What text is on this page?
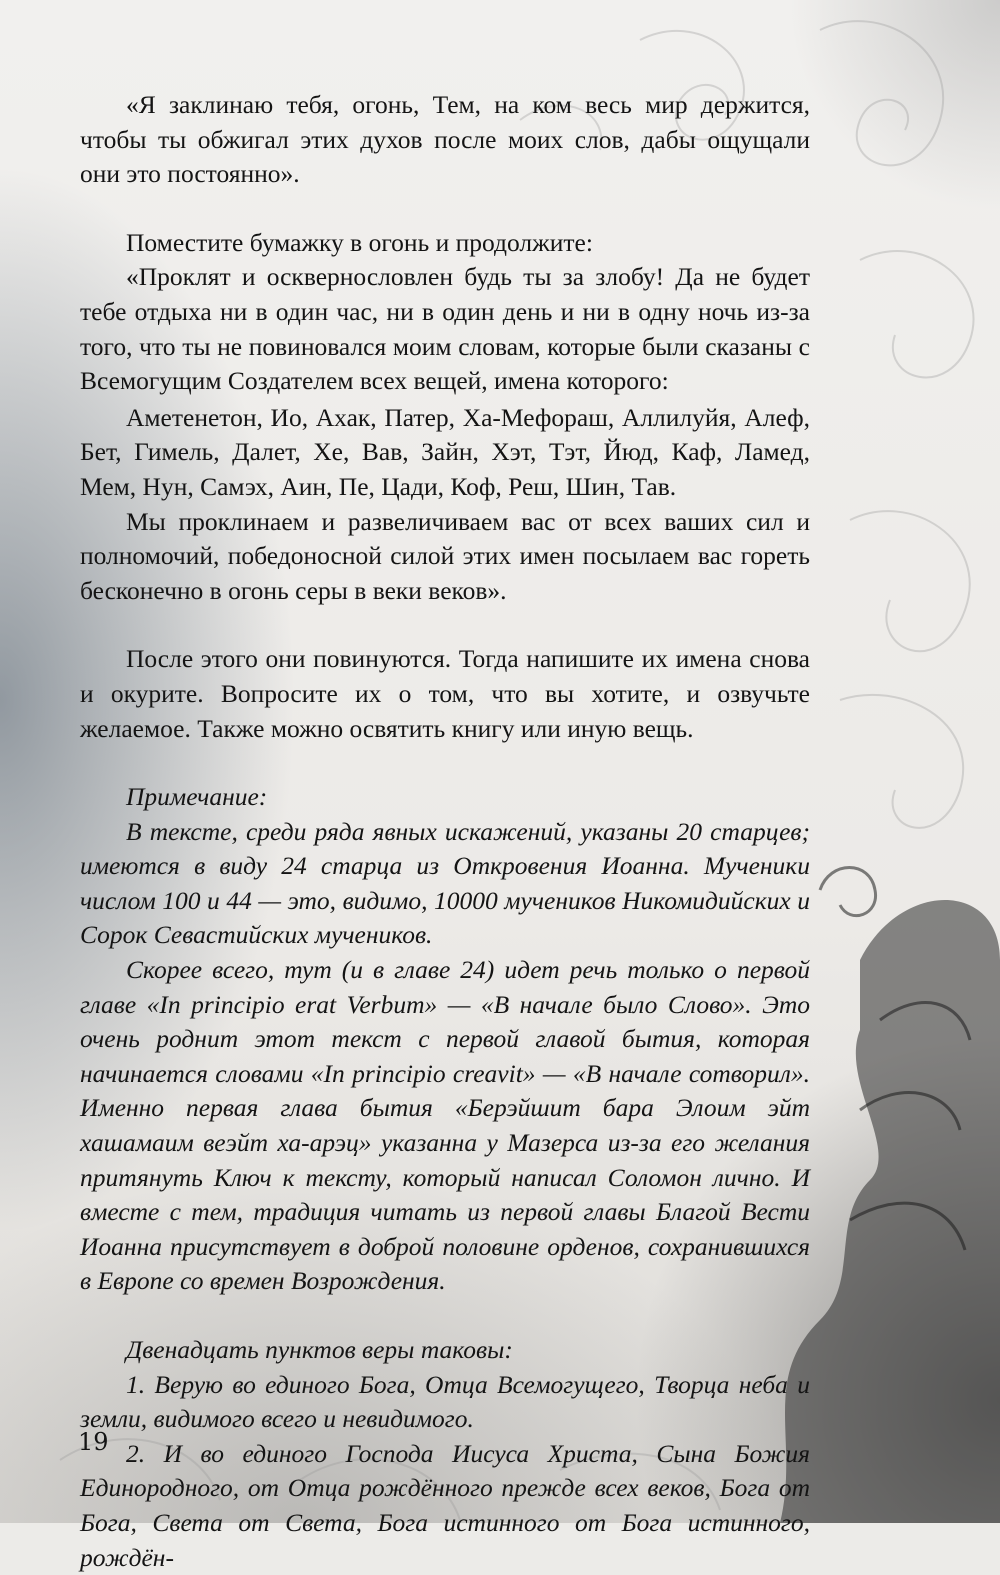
«Я заклинаю тебя, огонь, Тем, на ком весь мир держится, чтобы ты обжигал этих духов после моих слов, дабы ощущали они это постоянно».

Поместите бумажку в огонь и продолжите:

«Проклят и осквернословлен будь ты за злобу! Да не будет тебе отдыха ни в один час, ни в один день и ни в одну ночь из-за того, что ты не повиновался моим словам, которые были сказаны с Всемогущим Создателем всех вещей, имена которого:

Аметенетон, Ио, Ахак, Патер, Ха-Мефораш, Аллилуйя, Алеф, Бет, Гимель, Далет, Хе, Вав, Зайн, Хэт, Тэт, Йюд, Каф, Ламед, Мем, Нун, Самэх, Аин, Пе, Цади, Коф, Реш, Шин, Тав.

Мы проклинаем и развеличиваем вас от всех ваших сил и полномочий, победоносной силой этих имен посылаем вас гореть бесконечно в огонь серы в веки веков».

После этого они повинуются. Тогда напишите их имена снова и окурите. Вопросите их о том, что вы хотите, и озвучьте желаемое. Также можно освятить книгу или иную вещь.

Примечание:

В тексте, среди ряда явных искажений, указаны 20 старцев; имеются в виду 24 старца из Откровения Иоанна. Мученики числом 100 и 44 — это, видимо, 10000 мучеников Никомидийских и Сорок Севастийских мучеников.

Скорее всего, тут (и в главе 24) идет речь только о первой главе «In principio erat Verbum» — «В начале было Слово». Это очень роднит этот текст с первой главой бытия, которая начинается словами «In principio creavit» — «В начале сотворил». Именно первая глава бытия «Берэйшит бара Элоим эйт хашамаим веэйт ха-арэц» указанна у Мазерса из-за его желания притянуть Ключ к тексту, который написал Соломон лично. И вместе с тем, традиция читать из первой главы Благой Вести Иоанна присутствует в доброй половине орденов, сохранившихся в Европе со времен Возрождения.

Двенадцать пунктов веры таковы:

1. Верую во единого Бога, Отца Всемогущего, Творца неба и земли, видимого всего и невидимого.

2. И во единого Господа Иисуса Христа, Сына Божия Единородного, от Отца рождённого прежде всех веков, Бога от Бога, Света от Света, Бога истинного от Бога истинного, рождён-

19
